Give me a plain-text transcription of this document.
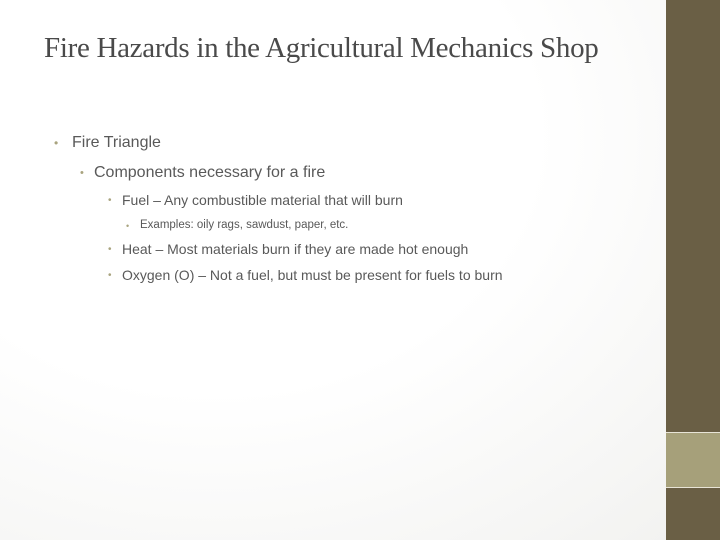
Fire Hazards in the Agricultural Mechanics Shop
• Fire Triangle
• Components necessary for a fire
• Fuel – Any combustible material that will burn
• Examples: oily rags, sawdust, paper, etc.
• Heat – Most materials burn if they are made hot enough
• Oxygen (O) – Not a fuel, but must be present for fuels to burn
